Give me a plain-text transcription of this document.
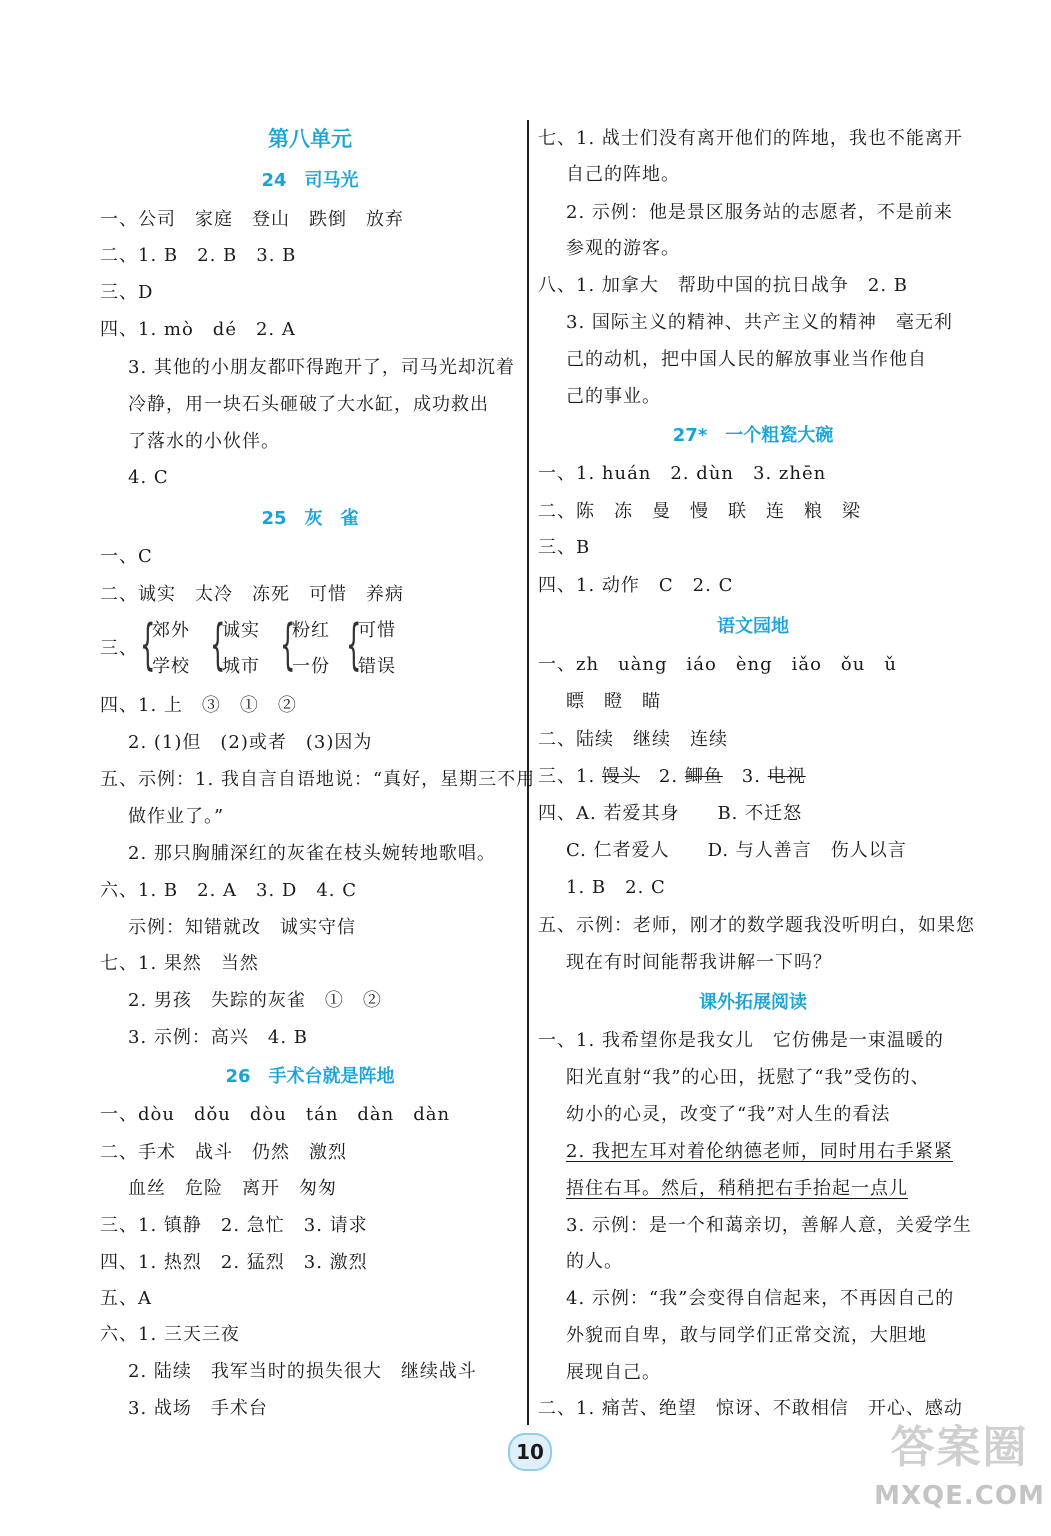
第八单元
24　司马光
一、公司　家庭　登山　跌倒　放弃
二、1. B　2. B　3. B
三、D
四、1. mò　dé　2. A
3. 其他的小朋友都吓得跑开了，司马光却沉着
冷静，用一块石头砸破了大水缸，成功救出
了落水的小伙伴。
4. C
25　灰　雀
一、C
二、诚实　太冷　冻死　可惜　养病
三、 {
郊外
学校 {
诚实
城市 {
粉红
一份 {
可惜
错误
四、1. 上　③　①　②
2. (1)但　(2)或者　(3)因为
五、示例：1. 我自言自语地说：“真好，星期三不用
做作业了。”
2. 那只胸脯深红的灰雀在枝头婉转地歌唱。
六、1. B　2. A　3. D　4. C
示例：知错就改　诚实守信
七、1. 果然　当然
2. 男孩　失踪的灰雀　①　②
3. 示例：高兴　4. B
26　手术台就是阵地
一、dòu　dǒu　dòu　tán　dàn　dàn
二、手术　战斗　仍然　激烈
血丝　危险　离开　匆匆
三、1. 镇静　2. 急忙　3. 请求
四、1. 热烈　2. 猛烈　3. 激烈
五、A
六、1. 三天三夜
2. 陆续　我军当时的损失很大　继续战斗
3. 战场　手术台
七、1. 战士们没有离开他们的阵地，我也不能离开
自己的阵地。
2. 示例：他是景区服务站的志愿者，不是前来
参观的游客。
八、1. 加拿大　帮助中国的抗日战争　2. B
3. 国际主义的精神、共产主义的精神　毫无利
己的动机，把中国人民的解放事业当作他自
己的事业。
27*　一个粗瓷大碗
一、1. huán　2. dùn　3. zhēn
二、陈　冻　曼　慢　联　连　粮　梁
三、B
四、1. 动作　C　2. C
语文园地
一、zh　uàng　iáo　èng　iǎo　ǒu　ǔ
瞟　瞪　瞄
二、陆续　继续　连续
三、1. 馒头　2. 鲫鱼　3. 电视
四、A. 若爱其身　　B. 不迁怒
C. 仁者爱人　　D. 与人善言　伤人以言
1. B　2. C
五、示例：老师，刚才的数学题我没听明白，如果您
现在有时间能帮我讲解一下吗？
课外拓展阅读
一、1. 我希望你是我女儿　它仿佛是一束温暖的
阳光直射“我”的心田，抚慰了“我”受伤的、
幼小的心灵，改变了“我”对人生的看法
2. 我把左耳对着伦纳德老师，同时用右手紧紧
捂住右耳。然后，稍稍把右手抬起一点儿
3. 示例：是一个和蔼亲切，善解人意，关爱学生
的人。
4. 示例：“我”会变得自信起来，不再因自己的
外貌而自卑，敢与同学们正常交流，大胆地
展现自己。
二、1. 痛苦、绝望　惊讶、不敢相信　开心、感动
10	答案圈
MXQE.COM
